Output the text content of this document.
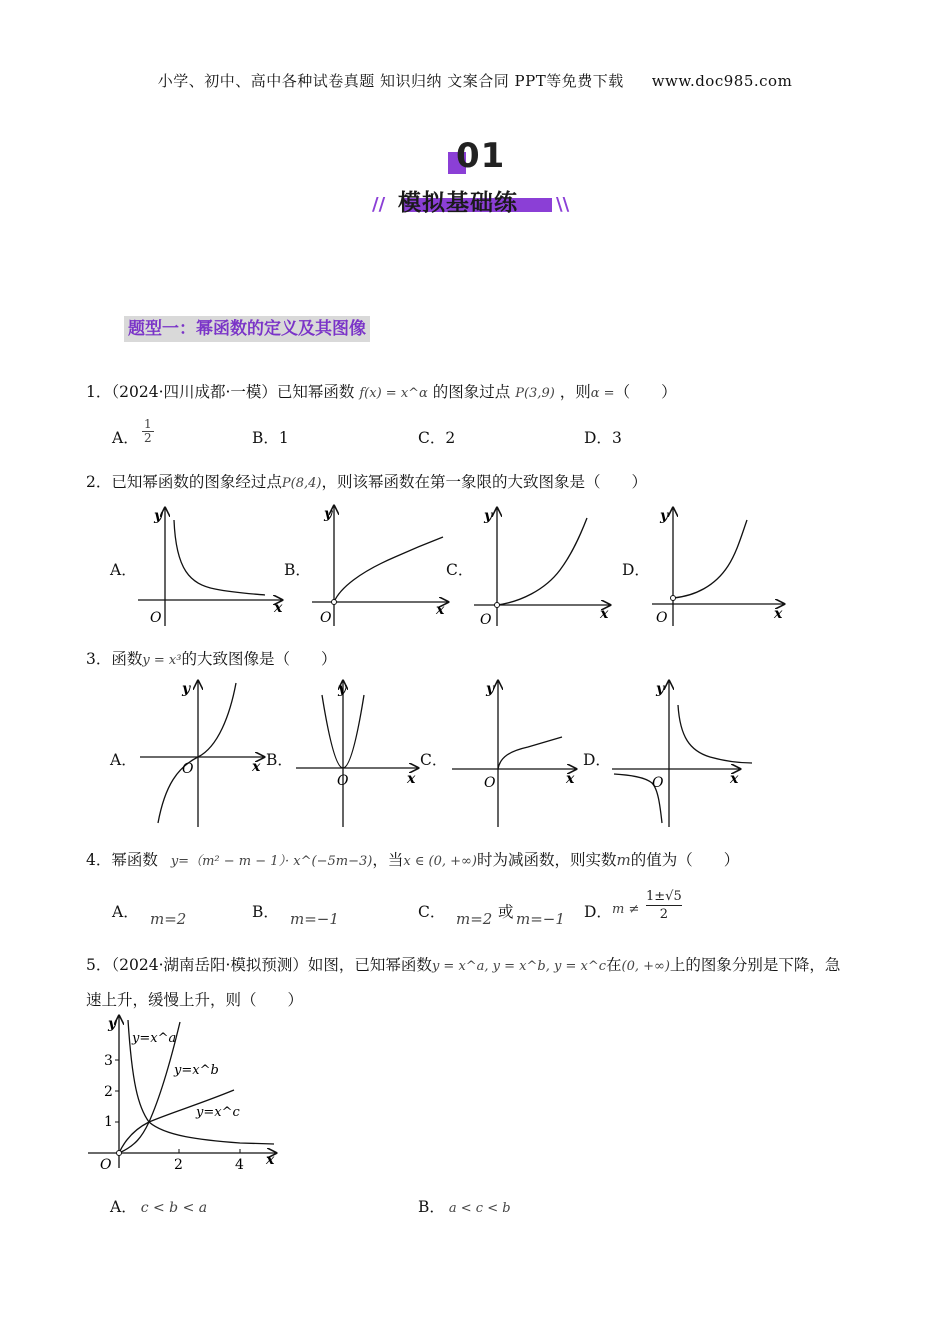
小学、初中、高中各种试卷真题 知识归纳 文案合同 PPT等免费下载 www.doc985.com
01
// 模拟基础练 \\
题型一：幂函数的定义及其图像
1．（2024·四川成都·一模）已知幂函数 f(x) = x^α 的图象过点 P(3,9) ，则α =（　　）
A．
1
2	B．1	C．2	D．3
2．已知幂函数的图象经过点P(8,4)，则该幂函数在第一象限的大致图象是（　　）
A．	B．	C．	D．
O
y
x
O
y
x
O
y
x	O
y
x
3．函数y = x³的大致图像是（　　）
A．	B．	C．	D．
O
y
x
O
y
x	O
y
x	O
y
x
4．幂函数 y=（m² − m − 1）· x^(−5m−3)，当x ∈ (0, +∞)时为减函数，则实数m的值为（　　）
A． m=2	B． m=−1	C． m=2 或 m=−1 D． m ≠
1±√5
2
5．（2024·湖南岳阳·模拟预测）如图，已知幂函数y = x^a, y = x^b, y = x^c在(0, +∞)上的图象分别是下降，急
速上升，缓慢上升，则（　　）
1
2
3
2	4
O
y
x
y=x^a
y=x^b
y=x^c
A． c < b < a	B． a < c < b
